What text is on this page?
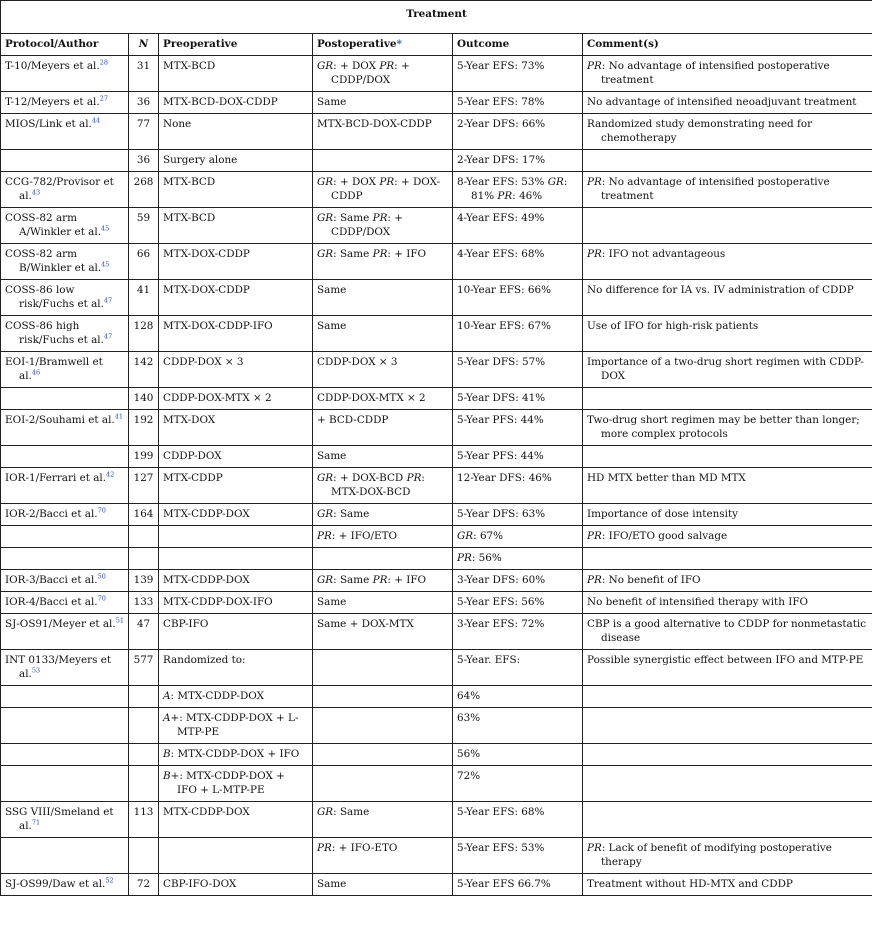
Treatment					
Protocol/Author	N	Preoperative	Postoperative*	Outcome	Comment(s)

T-10/Meyers et al.$^{28}$	31	MTX-BCD	GR: + DOX PR: + CDDP/DOX	5-Year EFS: 73%	PR: No advantage of intensified postoperative treatment

T-12/Meyers et al.$^{27}$	36	MTX-BCD-DOX-CDDP	Same	5-Year EFS: 78%	No advantage of intensified neoadjuvant treatment

MIOS/Link et al.$^{44}$	77	None	MTX-BCD-DOX-CDDP	2-Year DFS: 66%	Randomized study demonstrating need for chemotherapy

	36	Surgery alone		2-Year DFS: 17%	

CCG-782/Provisor et al.$^{43}$	268	MTX-BCD	GR: + DOX PR: + DOX-CDDP	8-Year EFS: 53% GR: 81% PR: 46%	PR: No advantage of intensified postoperative treatment

COSS-82 arm A/Winkler et al.$^{45}$	59	MTX-BCD	GR: Same PR: + CDDP/DOX	4-Year EFS: 49%	

COSS-82 arm B/Winkler et al.$^{45}$	66	MTX-DOX-CDDP	GR: Same PR: + IFO	4-Year EFS: 68%	PR: IFO not advantageous

COSS-86 low risk/Fuchs et al.$^{47}$	41	MTX-DOX-CDDP	Same	10-Year EFS: 66%	No difference for IA vs. IV administration of CDDP

COSS-86 high risk/Fuchs et al.$^{47}$	128	MTX-DOX-CDDP-IFO	Same	10-Year EFS: 67%	Use of IFO for high-risk patients

EOI-1/Bramwell et al.$^{46}$	142	CDDP-DOX × 3	CDDP-DOX × 3	5-Year DFS: 57%	Importance of a two-drug short regimen with CDDP-DOX

	140	CDDP-DOX-MTX × 2	CDDP-DOX-MTX × 2	5-Year DFS: 41%	

EOI-2/Souhami et al.$^{41}$	192	MTX-DOX	+ BCD-CDDP	5-Year PFS: 44%	Two-drug short regimen may be better than longer; more complex protocols

	199	CDDP-DOX	Same	5-Year PFS: 44%	

IOR-1/Ferrari et al.$^{42}$	127	MTX-CDDP	GR: + DOX-BCD PR: MTX-DOX-BCD	12-Year DFS: 46%	HD MTX better than MD MTX

IOR-2/Bacci et al.$^{70}$	164	MTX-CDDP-DOX	GR: Same	5-Year DFS: 63%	Importance of dose intensity

			PR: + IFO/ETO	GR: 67%	PR: IFO/ETO good salvage

				PR: 56%	

IOR-3/Bacci et al.$^{50}$	139	MTX-CDDP-DOX	GR: Same PR: + IFO	3-Year DFS: 60%	PR: No benefit of IFO

IOR-4/Bacci et al.$^{70}$	133	MTX-CDDP-DOX-IFO	Same	5-Year EFS: 56%	No benefit of intensified therapy with IFO

SJ-OS91/Meyer et al.$^{51}$	47	CBP-IFO	Same + DOX-MTX	3-Year EFS: 72%	CBP is a good alternative to CDDP for nonmetastatic disease

INT 0133/Meyers et al.$^{53}$	577	Randomized to:		5-Year. EFS:	Possible synergistic effect between IFO and MTP-PE

		A: MTX-CDDP-DOX		64%	

		A+: MTX-CDDP-DOX + L-MTP-PE		63%	

		B: MTX-CDDP-DOX + IFO		56%	

		B+: MTX-CDDP-DOX + IFO + L-MTP-PE		72%	

SSG VIII/Smeland et al.$^{71}$	113	MTX-CDDP-DOX	GR: Same	5-Year EFS: 68%	

			PR: + IFO-ETO	5-Year EFS: 53%	PR: Lack of benefit of modifying postoperative therapy

SJ-OS99/Daw et al.$^{52}$	72	CBP-IFO-DOX	Same	5-Year EFS 66.7%	Treatment without HD-MTX and CDDP
